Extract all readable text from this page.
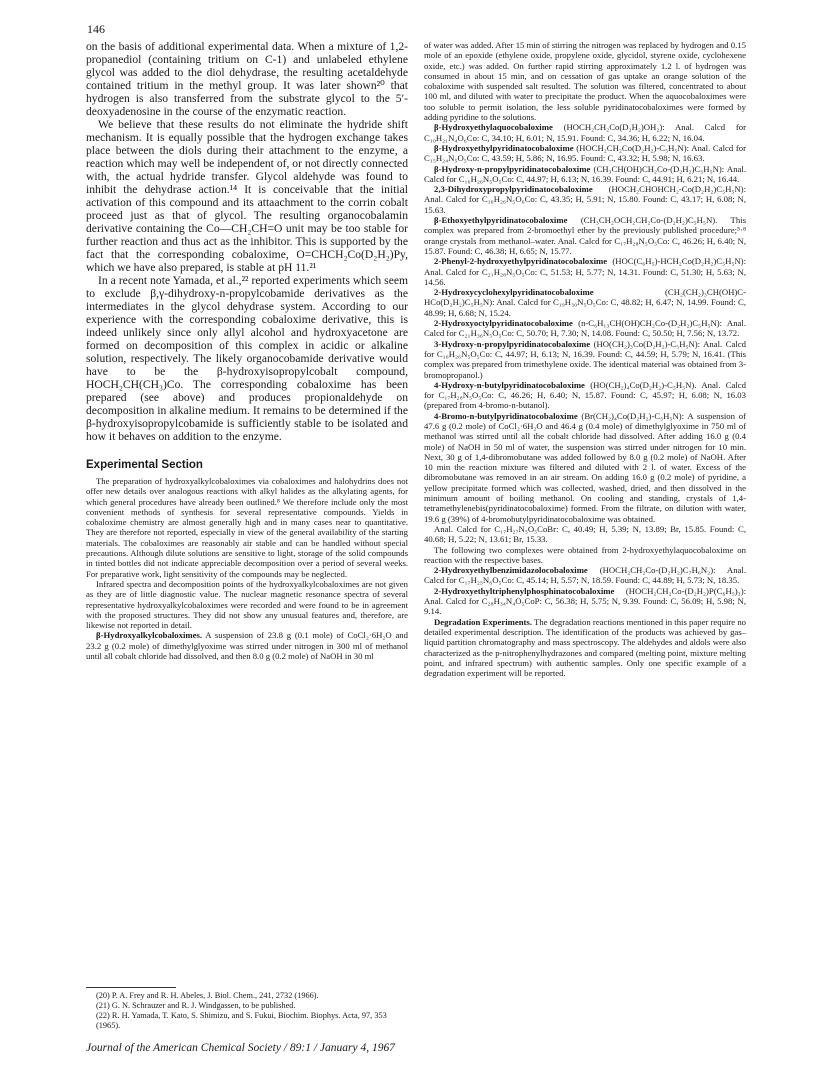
146

on the basis of additional experimental data. When a mixture of 1,2-propanediol (containing tritium on C-1) and unlabeled ethylene glycol was added to the diol dehydrase, the resulting acetaldehyde contained tritium in the methyl group. It was later shown²⁰ that hydrogen is also transferred from the substrate glycol to the 5′-deoxyadenosine in the course of the enzymatic reaction.

We believe that these results do not eliminate the hydride shift mechanism. It is equally possible that the hydrogen exchange takes place between the diols during their attachment to the enzyme, a reaction which may well be independent of, or not directly connected with, the actual hydride transfer. Glycol aldehyde was found to inhibit the dehydrase action.¹⁴ It is conceivable that the initial activation of this compound and its attaachment to the corrin cobalt proceed just as that of glycol. The resulting organocobalamin derivative containing the Co—CH₂CH=O unit may be too stable for further reaction and thus act as the inhibitor. This is supported by the fact that the corresponding cobaloxime, O=CHCH₂Co(D₂H₂)Py, which we have also prepared, is stable at pH 11.²¹

In a recent note Yamada, et al.,²² reported experiments which seem to exclude β,γ-dihydroxy-n-propylcobamide derivatives as the intermediates in the glycol dehydrase system. According to our experience with the corresponding cobaloxime derivative, this is indeed unlikely since only allyl alcohol and hydroxyacetone are formed on decomposition of this complex in acidic or alkaline solution, respectively. The likely organocobamide derivative would have to be the β-hydroxyisopropylcobalt compound, HOCH₂CH(CH₃)Co. The corresponding cobaloxime has been prepared (see above) and produces propionaldehyde on decomposition in alkaline medium. It remains to be determined if the β-hydroxyisopropylcobamide is sufficiently stable to be isolated and how it behaves on addition to the enzyme.

Experimental Section

The preparation of hydroxyalkylcobaloximes via cobaloximes and halohydrins does not offer new details over analogous reactions with alkyl halides as the alkylating agents, for which general procedures have already been outlined.⁸ We therefore include only the most convenient methods of synthesis for several representative compounds. Yields in cobaloxime chemistry are almost generally high and in many cases near to quantitative. They are therefore not reported, especially in view of the general availability of the starting materials. The cobaloximes are reasonably air stable and can be handled without special precautions. Although dilute solutions are sensitive to light, storage of the solid compounds in tinted bottles did not indicate appreciable decomposition over a period of several weeks. For preparative work, light sensitivity of the compounds may be neglected.

Infrared spectra and decomposition points of the hydroxyalkylcobaloximes are not given as they are of little diagnostic value. The nuclear magnetic resonance spectra of several representative hydroxyalkylcobaloximes were recorded and were found to be in agreement with the proposed structures. They did not show any unusual features and, therefore, are likewise not reported in detail.

β-Hydroxyalkylcobaloximes. A suspension of 23.8 g (0.1 mole) of CoCl₂·6H₂O and 23.2 g (0.2 mole) of dimethylglyoxime was stirred under nitrogen in 300 ml of methanol until all cobalt chloride had dissolved, and then 8.0 g (0.2 mole) of NaOH in 30 ml

of water was added. After 15 min of stirring the nitrogen was replaced by hydrogen and 0.15 mole of an epoxide (ethylene oxide, propylene oxide, glycidol, styrene oxide, cyclohexene oxide, etc.) was added. On further rapid stirring approximately 1.2 l. of hydrogen was consumed in about 15 min, and on cessation of gas uptake an orange solution of the cobaloxime with suspended salt resulted. The solution was filtered, concentrated to about 100 ml, and diluted with water to precipitate the product. When the aquocobaloximes were too soluble to permit isolation, the less soluble pyridinatocobaloximes were formed by adding pyridine to the solutions.

β-Hydroxyethylaquocobaloxime (HOCH₂CH₂Co(D₂H₂)OH₂): Anal. Calcd for C₁₀H₂₁N₄O₆Co: C, 34.10; H, 6.01; N, 15.91. Found: C, 34.36; H, 6.22; N, 16.04.

β-Hydroxyethylpyridinatocobaloxime (HOCH₂CH₂Co(D₂H₂)-C₅H₅N): Anal. Calcd for C₁₅H₂₄N₅O₅Co: C, 43.59; H, 5.86; N, 16.95. Found: C, 43.32; H, 5.98; N, 16.63.

β-Hydroxy-n-propylpyridinatocobaloxime (CH₃CH(OH)CH₂Co-(D₂H₂)C₅H₅N): Anal. Calcd for C₁₆H₂₆N₅O₅Co: C, 44.97; H, 6.13; N, 16.39. Found: C, 44.91; H, 6.21; N, 16.44.

2,3-Dihydroxypropylpyridinatocobaloxime (HOCH₂CHOHCH₂-Co(D₂H₂)C₅H₅N): Anal. Calcd for C₁₆H₂₆N₅O₆Co: C, 43.35; H, 5.91; N, 15.80. Found: C, 43.17; H, 6.08; N, 15.63.

β-Ethoxyethylpyridinatocobaloxime (CH₃CH₂OCH₂CH₂Co-(D₂H₂)C₅H₅N). This complex was prepared from 2-bromoethyl ether by the previously published procedure;⁵·⁸ orange crystals from methanol–water. Anal. Calcd for C₁₇H₂₈N₅O₅Co: C, 46.26; H, 6.40; N, 15.87. Found: C, 46.38; H, 6.65; N, 15.77.

2-Phenyl-2-hydroxyethylpyridinatocobaloxime (HOC(C₆H₅)-HCH₂Co(D₂H₂)C₅H₅N): Anal. Calcd for C₂₁H₂₈N₅O₅Co: C, 51.53; H, 5.77; N, 14.31. Found: C, 51.30; H, 5.63; N, 14.56.

2-Hydroxycyclohexylpyridinatocobaloxime (CH₂(CH₂)₃CH(OH)C-HCo(D₂H₂)C₅H₅N): Anal. Calcd for C₁₉H₃₀N₅O₅Co: C, 48.82; H, 6.47; N, 14.99. Found: C, 48.99; H, 6.68; N, 15.24.

2-Hydroxyoctylpyridinatocobaloxime (n-C₆H₁₃CH(OH)CH₂Co-(D₂H₂)C₅H₅N): Anal. Calcd for C₂₁H₃₆N₅O₅Co: C, 50.70; H, 7.30; N, 14.08. Found: C, 50.50; H, 7.56; N, 13.72.

3-Hydroxy-n-propylpyridinatocobaloxime (HO(CH₂)₃Co(D₂H₂)-C₅H₅N): Anal. Calcd for C₁₆H₂₆N₅O₅Co: C, 44.97; H, 6.13; N, 16.39. Found: C, 44.59; H, 5.79; N, 16.41. (This complex was prepared from trimethylene oxide. The identical material was obtained from 3-bromopropanol.)

4-Hydroxy-n-butylpyridinatocobaloxime (HO(CH₂)₄Co(D₂H₂)-C₅H₅N). Anal. Calcd for C₁₇H₂₈N₅O₅Co: C, 46.26; H, 6.40; N, 15.87. Found: C, 45.97; H, 6.08; N, 16.03 (prepared from 4-bromo-n-butanol).

4-Bromo-n-butylpyridinatocobaloxime (Br(CH₂)₄Co(D₂H₂)-C₅H₅N): A suspension of 47.6 g (0.2 mole) of CoCl₂·6H₂O and 46.4 g (0.4 mole) of dimethylglyoxime in 750 ml of methanol was stirred until all the cobalt chloride had dissolved. After adding 16.0 g (0.4 mole) of NaOH in 50 ml of water, the suspension was stirred under nitrogen for 10 min. Next, 30 g of 1,4-dibromobutane was added followed by 8.0 g (0.2 mole) of NaOH. After 10 min the reaction mixture was filtered and diluted with 2 l. of water. Excess of the dibromobutane was removed in an air stream. On adding 16.0 g (0.2 mole) of pyridine, a yellow precipitate formed which was collected, washed, dried, and then dissolved in the minimum amount of boiling methanol. On cooling and standing, crystals of 1,4-tetramethylenebis(pyridinatocobaloxime) formed. From the filtrate, on dilution with water, 19.6 g (39%) of 4-bromobutylpyridinatocobaloxime was obtained.

Anal. Calcd for C₁₇H₂₇N₅O₅CoBr: C, 40.49; H, 5.39; N, 13.89; Br, 15.85. Found: C, 40.68; H, 5.22; N, 13.61; Br, 15.33.

The following two complexes were obtained from 2-hydroxyethylaquocobaloxime on reaction with the respective bases.

2-Hydroxyethylbenzimidazolocobaloxime (HOCH₂CH₂Co-(D₂H₂)C₇H₆N₂): Anal. Calcd for C₁₇H₂₅N₆O₅Co: C, 45.14; H, 5.57; N, 18.59. Found: C, 44.89; H, 5.73; N, 18.35.

2-Hydroxyethyltriphenylphosphinatocobaloxime (HOCH₂CH₂Co-(D₂H₂)P(C₆H₅)₃): Anal. Calcd for C₂₈H₃₄N₄O₅CoP: C, 56.38; H, 5.75; N, 9.39. Found: C, 56.09; H, 5.98; N, 9.14.

Degradation Experiments. The degradation reactions mentioned in this paper require no detailed experimental description. The identification of the products was achieved by gas–liquid partition chromatography and mass spectroscopy. The aldehydes and aldols were also characterized as the p-nitrophenylhydrazones and compared (melting point, mixture melting point, and infrared spectrum) with authentic samples. Only one specific example of a degradation experiment will be reported.

(20) P. A. Frey and R. H. Abeles, J. Biol. Chem., 241, 2732 (1966).

(21) G. N. Schrauzer and R. J. Windgassen, to be published.

(22) R. H. Yamada, T. Kato, S. Shimizu, and S. Fukui, Biochim. Biophys. Acta, 97, 353 (1965).

Journal of the American Chemical Society / 89:1 / January 4, 1967
